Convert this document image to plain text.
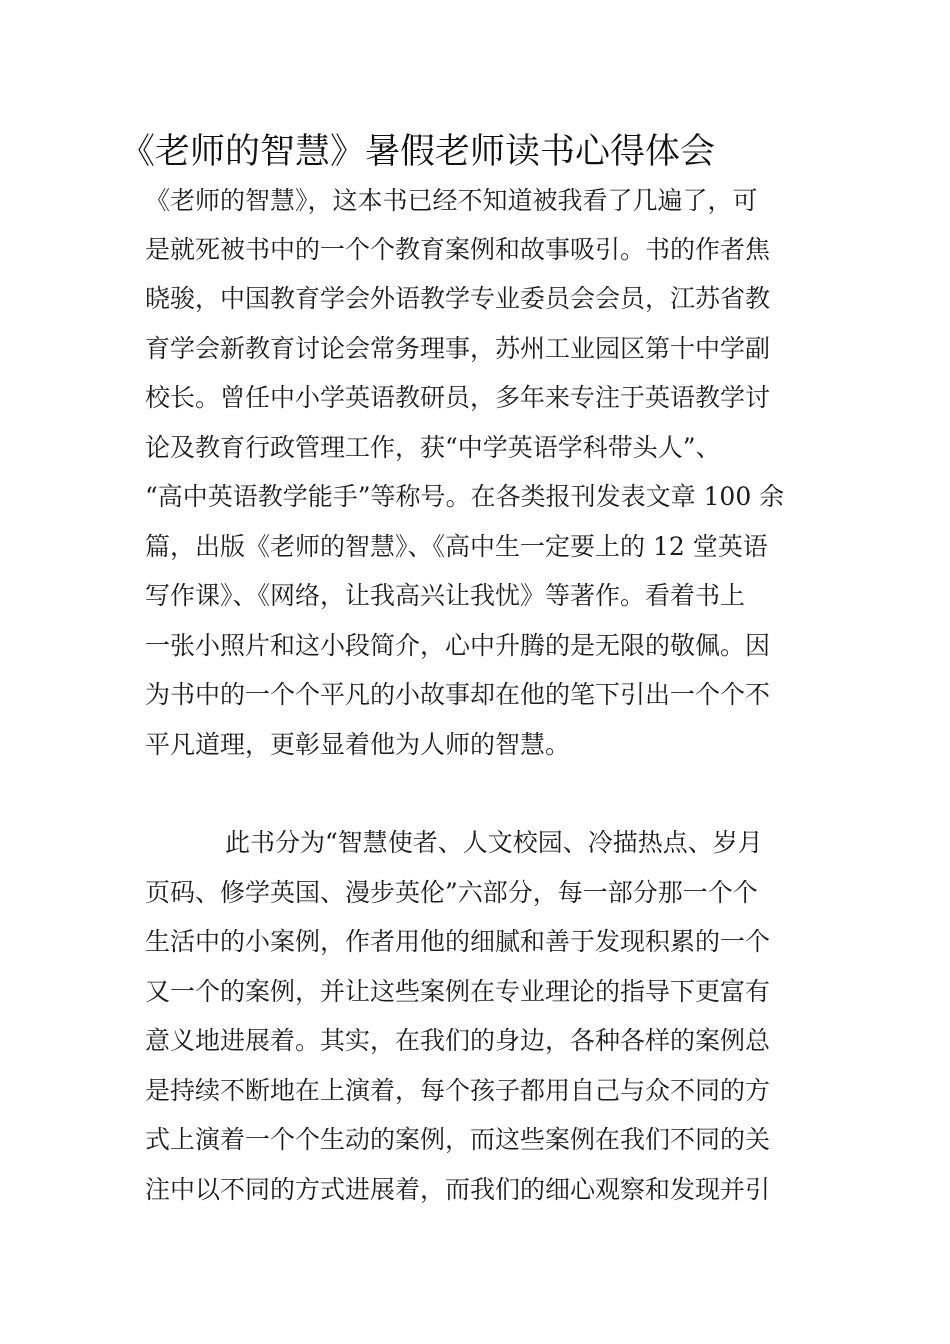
《老师的智慧》暑假老师读书心得体会
《老师的智慧》，这本书已经不知道被我看了几遍了，可
是就死被书中的一个个教育案例和故事吸引。书的作者焦
晓骏，中国教育学会外语教学专业委员会会员，江苏省教
育学会新教育讨论会常务理事，苏州工业园区第十中学副
校长。曾任中小学英语教研员，多年来专注于英语教学讨
论及教育行政管理工作，获“中学英语学科带头人”、
“高中英语教学能手”等称号。在各类报刊发表文章 100 余
篇，出版《老师的智慧》、《高中生一定要上的 12 堂英语
写作课》、《网络，让我高兴让我忧》等著作。看着书上
一张小照片和这小段简介，心中升腾的是无限的敬佩。因
为书中的一个个平凡的小故事却在他的笔下引出一个个不
平凡道理，更彰显着他为人师的智慧。
此书分为“智慧使者、人文校园、冷描热点、岁月
页码、修学英国、漫步英伦”六部分，每一部分那一个个
生活中的小案例，作者用他的细腻和善于发现积累的一个
又一个的案例，并让这些案例在专业理论的指导下更富有
意义地进展着。其实，在我们的身边，各种各样的案例总
是持续不断地在上演着，每个孩子都用自己与众不同的方
式上演着一个个生动的案例，而这些案例在我们不同的关
注中以不同的方式进展着，而我们的细心观察和发现并引
